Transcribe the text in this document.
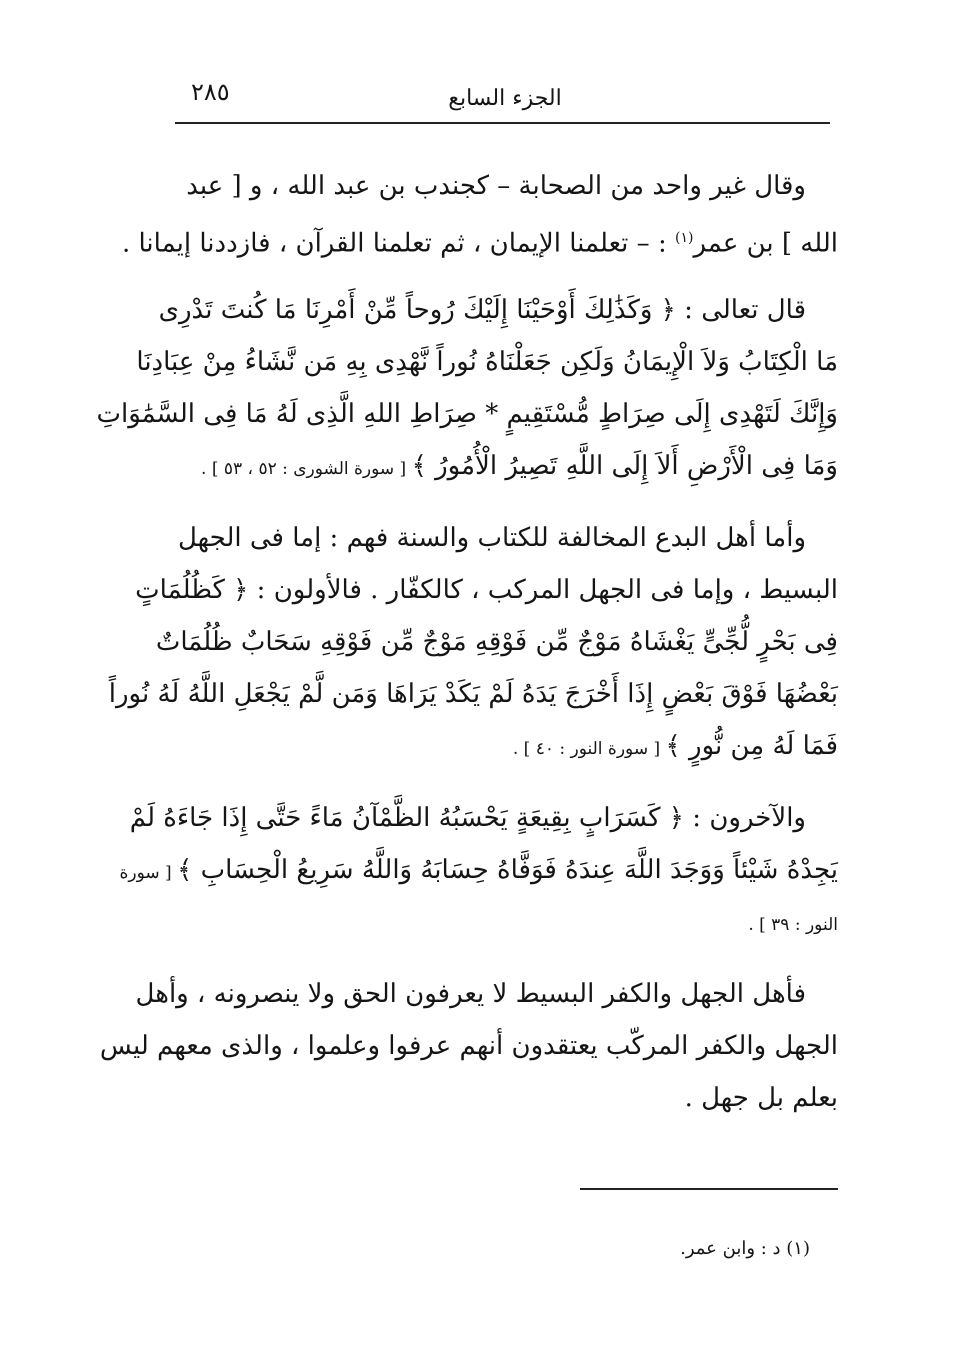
٢٨٥	الجزء السابع
وقال غير واحد من الصحابة – كجندب بن عبد الله ، و [ عبد
الله ] بن عمر$^{(١)}$ : – تعلمنا الإيمان ، ثم تعلمنا القرآن ، فازددنا إيمانا .
قال تعالى : ﴿ وَكَذَٰلِكَ أَوْحَيْنَا إِلَيْكَ رُوحاً مِّنْ أَمْرِنَا مَا كُنتَ تَدْرِى
مَا الْكِتَابُ وَلاَ الْإِيمَانُ وَلَكِن جَعَلْنَاهُ نُوراً نَّهْدِى بِهِ مَن نَّشَاءُ مِنْ عِبَادِنَا
وَإِنَّكَ لَتَهْدِى إِلَى صِرَاطٍ مُّسْتَقِيمٍ * صِرَاطِ اللهِ الَّذِى لَهُ مَا فِى السَّمَٰوَاتِ
وَمَا فِى الْأَرْضِ أَلاَ إِلَى اللَّهِ تَصِيرُ الْأُمُورُ ﴾ [ سورة الشورى : ٥٢ ، ٥٣ ] .
وأما أهل البدع المخالفة للكتاب والسنة فهم : إما فى الجهل
البسيط ، وإما فى الجهل المركب ، كالكفّار . فالأولون : ﴿ كَظُلُمَاتٍ
فِى بَحْرٍ لُّجِّىٍّ يَغْشَاهُ مَوْجٌ مِّن فَوْقِهِ مَوْجٌ مِّن فَوْقِهِ سَحَابٌ ظُلُمَاتٌ
بَعْضُهَا فَوْقَ بَعْضٍ إِذَا أَخْرَجَ يَدَهُ لَمْ يَكَدْ يَرَاهَا وَمَن لَّمْ يَجْعَلِ اللَّهُ لَهُ نُوراً
فَمَا لَهُ مِن نُّورٍ ﴾ [ سورة النور : ٤٠ ] .
والآخرون : ﴿ كَسَرَابٍ بِقِيعَةٍ يَحْسَبُهُ الظَّمْآنُ مَاءً حَتَّى إِذَا جَاءَهُ لَمْ
يَجِدْهُ شَيْئاً وَوَجَدَ اللَّهَ عِندَهُ فَوَفَّاهُ حِسَابَهُ وَاللَّهُ سَرِيعُ الْحِسَابِ ﴾ [ سورة
النور : ٣٩ ] .
فأهل الجهل والكفر البسيط لا يعرفون الحق ولا ينصرونه ، وأهل
الجهل والكفر المركّب يعتقدون أنهم عرفوا وعلموا ، والذى معهم ليس
بعلم بل جهل .
(١) د : وابن عمر.
